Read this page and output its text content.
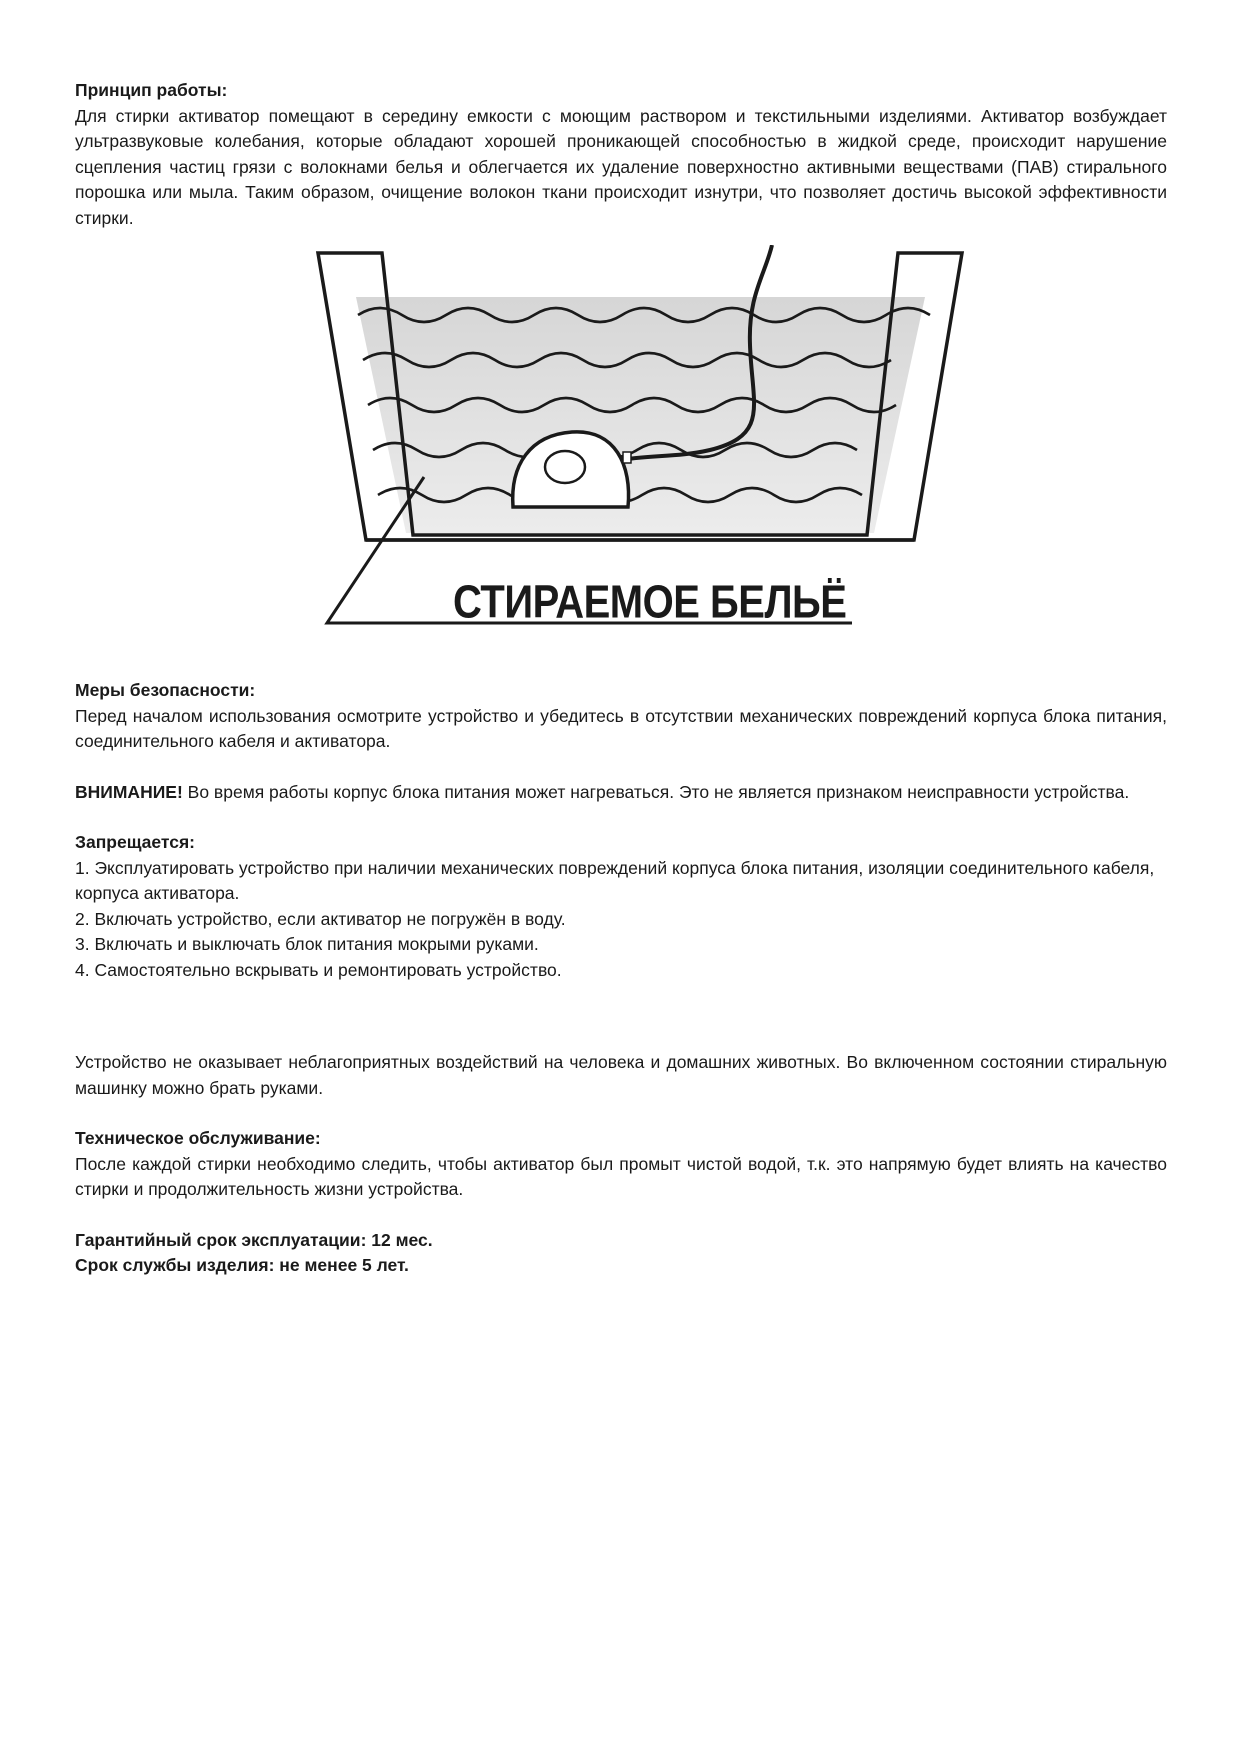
Принцип работы:

Для стирки активатор помещают в середину емкости с моющим раствором и текстильными изделиями. Активатор возбуждает ультразвуковые колебания, которые обладают хорошей проникающей способностью в жидкой среде, происходит нарушение сцепления частиц грязи с волокнами белья и облегчается их удаление поверхностно активными веществами (ПАВ) стирального порошка или мыла. Таким образом, очищение волокон ткани происходит изнутри, что позволяет достичь высокой эффективности стирки.

СТИРАЕМОЕ БЕЛЬЁ

Меры безопасности:

Перед началом использования осмотрите устройство и убедитесь в отсутствии механических повреждений корпуса блока питания, соединительного кабеля и активатора.

ВНИМАНИЕ! Во время работы корпус блока питания может нагреваться. Это не является признаком неисправности устройства.

Запрещается:

1. Эксплуатировать устройство при наличии механических повреждений корпуса блока питания, изоляции соединительного кабеля, корпуса активатора.

2. Включать устройство, если активатор не погружён в воду.

3. Включать и выключать блок питания мокрыми руками.

4. Самостоятельно вскрывать и ремонтировать устройство.

Устройство не оказывает неблагоприятных воздействий на человека и домашних животных. Во включенном состоянии стиральную машинку можно брать руками.

Техническое обслуживание:

После каждой стирки необходимо следить, чтобы активатор был промыт чистой водой, т.к. это напрямую будет влиять на качество стирки и продолжительность жизни устройства.

Гарантийный срок эксплуатации: 12 мес.

Срок службы изделия: не менее 5 лет.
